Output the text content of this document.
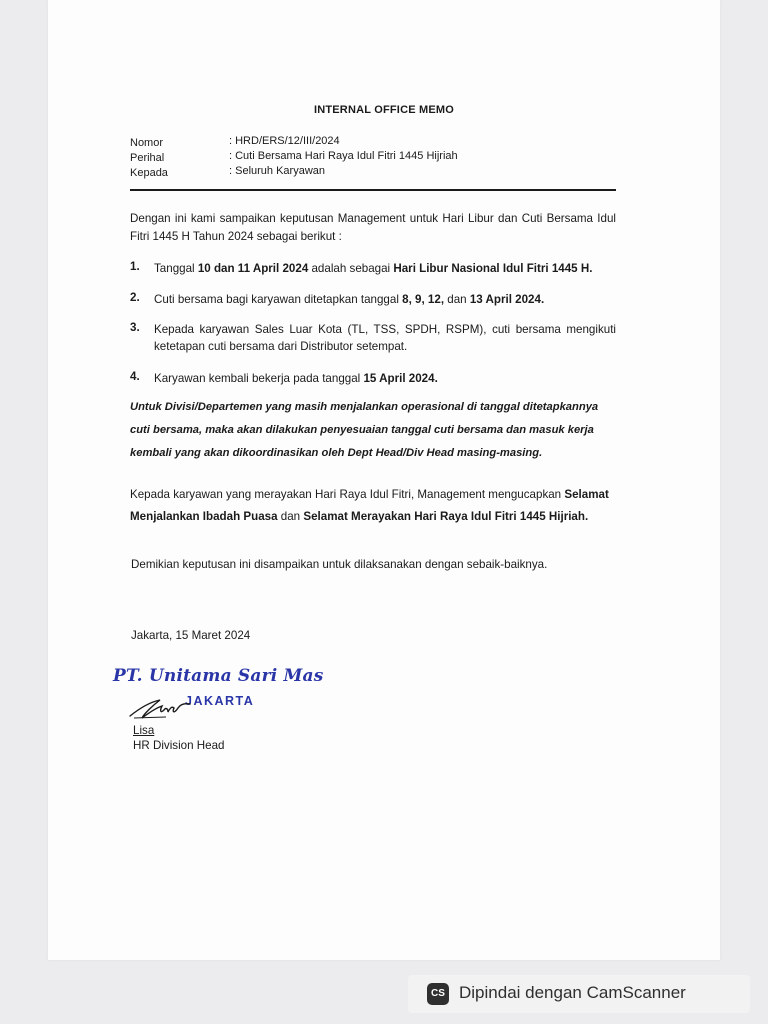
INTERNAL OFFICE MEMO
Nomor	: HRD/ERS/12/III/2024
Perihal	: Cuti Bersama Hari Raya Idul Fitri 1445 Hijriah
Kepada	: Seluruh Karyawan
Dengan ini kami sampaikan keputusan Management untuk Hari Libur dan Cuti Bersama Idul Fitri 1445 H Tahun 2024 sebagai berikut :
1. Tanggal 10 dan 11 April 2024 adalah sebagai Hari Libur Nasional Idul Fitri 1445 H.
2. Cuti bersama bagi karyawan ditetapkan tanggal 8, 9, 12, dan 13 April 2024.
3. Kepada karyawan Sales Luar Kota (TL, TSS, SPDH, RSPM), cuti bersama mengikuti ketetapan cuti bersama dari Distributor setempat.
4. Karyawan kembali bekerja pada tanggal 15 April 2024.
Untuk Divisi/Departemen yang masih menjalankan operasional di tanggal ditetapkannya
cuti bersama, maka akan dilakukan penyesuaian tanggal cuti bersama dan masuk kerja
kembali yang akan dikoordinasikan oleh Dept Head/Div Head masing-masing.
Kepada karyawan yang merayakan Hari Raya Idul Fitri, Management mengucapkan Selamat
Menjalankan Ibadah Puasa dan Selamat Merayakan Hari Raya Idul Fitri 1445 Hijriah.
Demikian keputusan ini disampaikan untuk dilaksanakan dengan sebaik-baiknya.
Jakarta, 15 Maret 2024
PT. Unitama Sari Mas
JAKARTA
Lisa
HR Division Head
CS Dipindai dengan CamScanner
